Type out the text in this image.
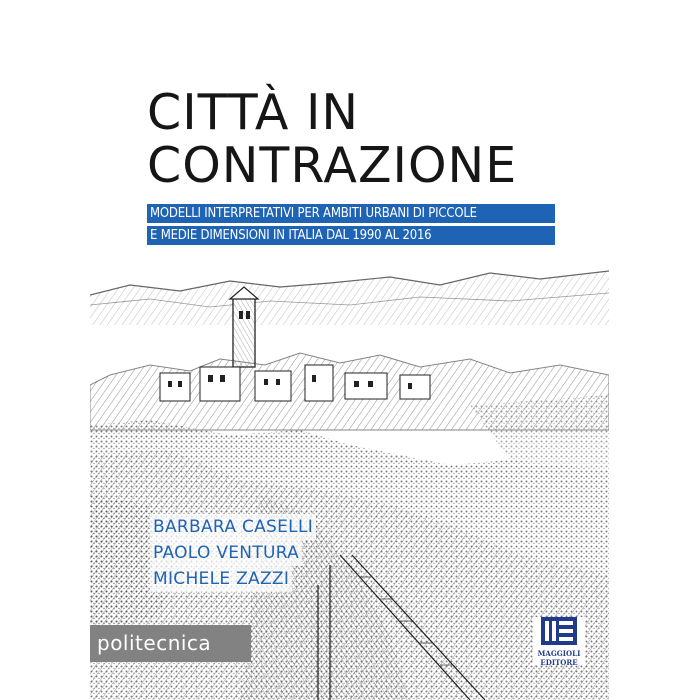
CITTÀ IN
CONTRAZIONE
MODELLI INTERPRETATIVI PER AMBITI URBANI DI PICCOLE
E MEDIE DIMENSIONI IN ITALIA DAL 1990 AL 2016
BARBARA CASELLI
PAOLO VENTURA
MICHELE ZAZZI
politecnica	MAGGIOLI
EDITORE
